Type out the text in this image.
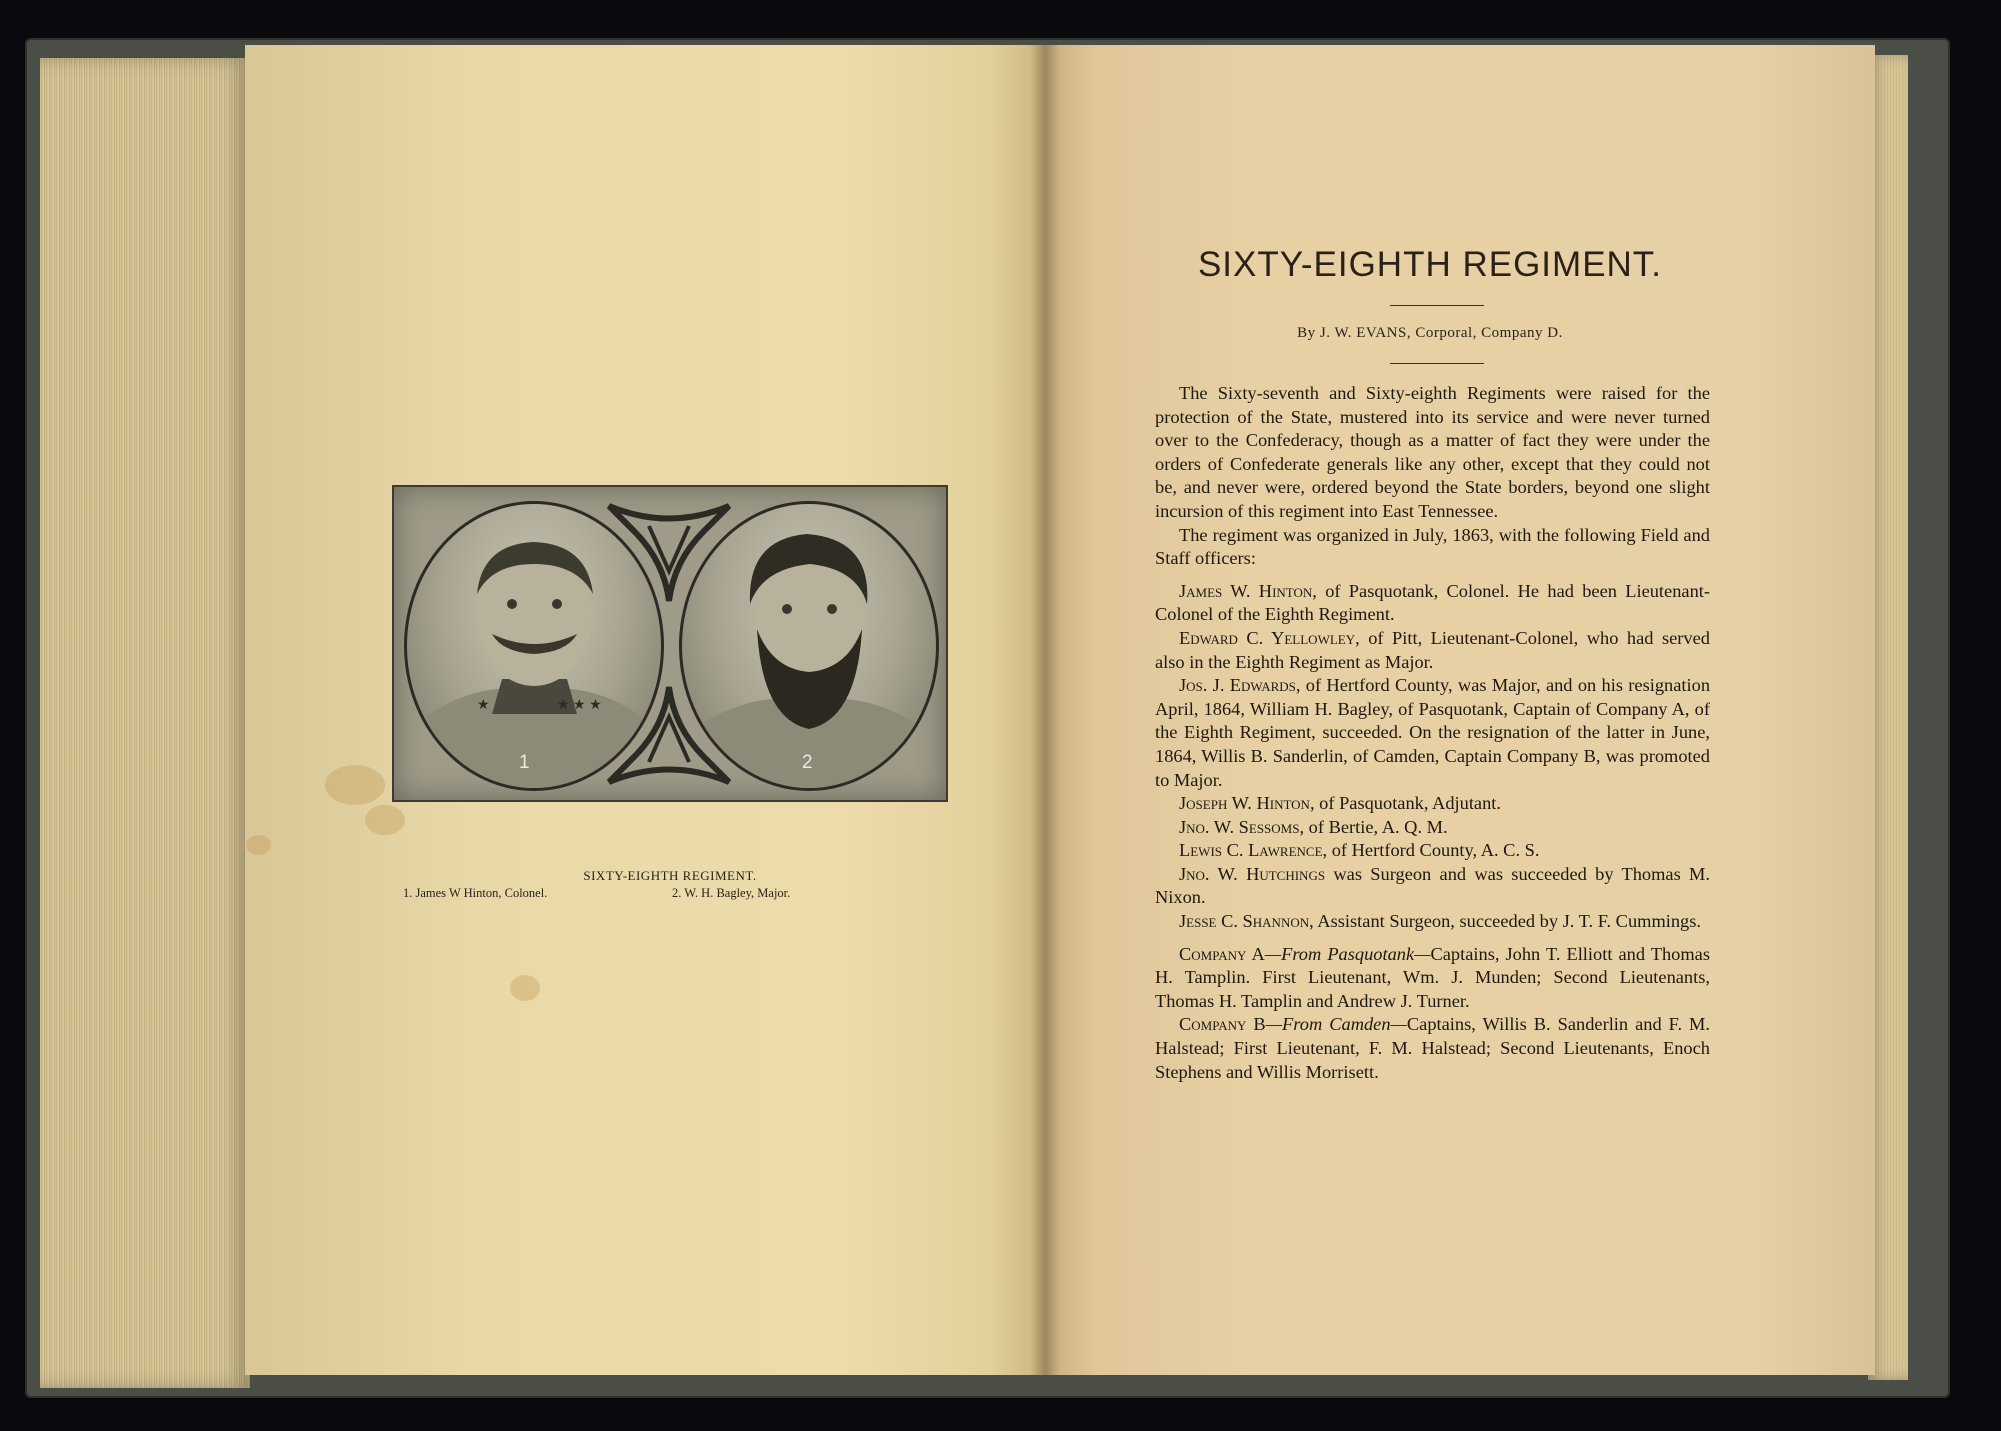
★	★ ★ ★
1	2
SIXTY-EIGHTH REGIMENT.
1. James W Hinton, Colonel.	2. W. H. Bagley, Major.
SIXTY-EIGHTH REGIMENT.
By J. W. EVANS, Corporal, Company D.

The Sixty-seventh and Sixty-eighth Regiments were raised for the protection of the State, mustered into its service and were never turned over to the Confederacy, though as a matter of fact they were under the orders of Confederate generals like any other, except that they could not be, and never were, ordered beyond the State borders, beyond one slight incursion of this regiment into East Tennessee.

The regiment was organized in July, 1863, with the following Field and Staff officers:

James W. Hinton, of Pasquotank, Colonel. He had been Lieutenant-Colonel of the Eighth Regiment.

Edward C. Yellowley, of Pitt, Lieutenant-Colonel, who had served also in the Eighth Regiment as Major.

Jos. J. Edwards, of Hertford County, was Major, and on his resignation April, 1864, William H. Bagley, of Pasquotank, Captain of Company A, of the Eighth Regiment, succeeded. On the resignation of the latter in June, 1864, Willis B. Sanderlin, of Camden, Captain Company B, was promoted to Major.

Joseph W. Hinton, of Pasquotank, Adjutant.

Jno. W. Sessoms, of Bertie, A. Q. M.

Lewis C. Lawrence, of Hertford County, A. C. S.

Jno. W. Hutchings was Surgeon and was succeeded by Thomas M. Nixon.

Jesse C. Shannon, Assistant Surgeon, succeeded by J. T. F. Cummings.

Company A—From Pasquotank—Captains, John T. Elliott and Thomas H. Tamplin. First Lieutenant, Wm. J. Munden; Second Lieutenants, Thomas H. Tamplin and Andrew J. Turner.

Company B—From Camden—Captains, Willis B. Sanderlin and F. M. Halstead; First Lieutenant, F. M. Halstead; Second Lieutenants, Enoch Stephens and Willis Morrisett.
